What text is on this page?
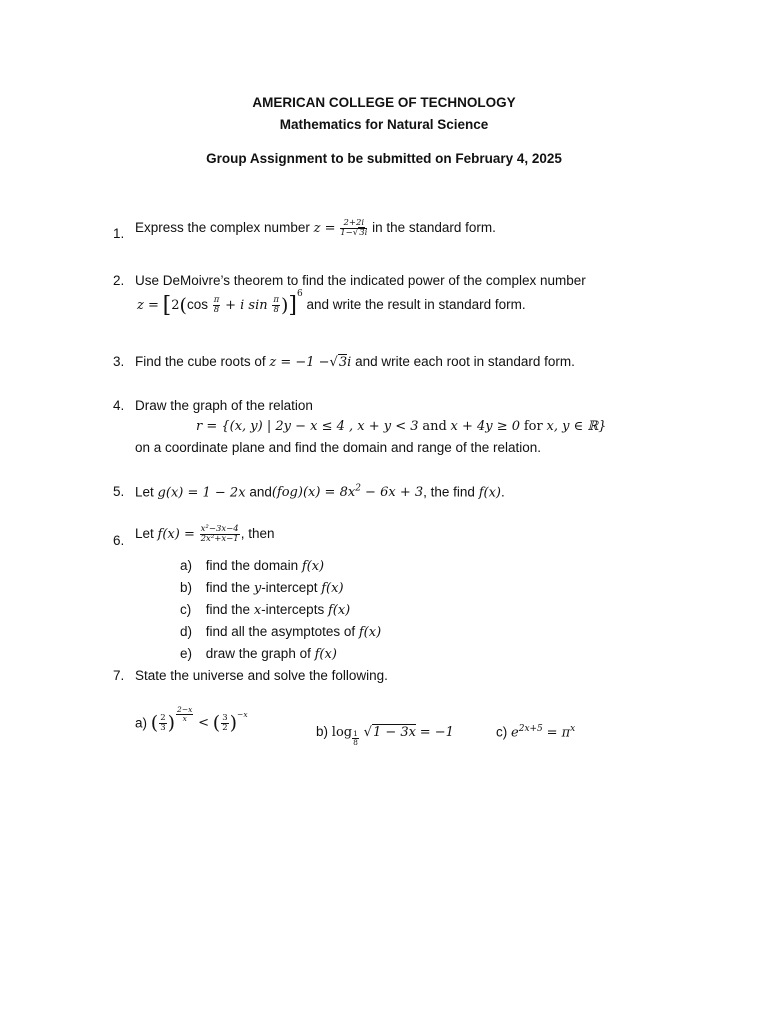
AMERICAN COLLEGE OF TECHNOLOGY
Mathematics for Natural Science
Group Assignment to be submitted on February 4, 2025
1. Express the complex number $z = \frac{2+2i}{1-√3i}$ in the standard form.
2. Use DeMoivre’s theorem to find the indicated power of the complex number
$z = [2(\cos \frac{\pi}{8} + i$ $\sin \frac{\pi}{8} )]^6$ and write the result in standard form.
3. Find the cube roots of z = −1 −√3i and write each root in standard form.
4. Draw the graph of the relation
r = {(x, y) | 2y − x ≤ 4 , x + y < 3 and x + 4y ≥ 0 for x, y ∈ ℝ}
on a coordinate plane and find the domain and range of the relation.
5. Let g(x) = 1 − 2x $and(fog)(x) = 8x^2 - 6x + 3$, the find f(x).
6. Let $f(x) = \frac{\text{x²−3x−4}}{\text{2x²+x−1}}$ , then
a) find the domain f(x)
b) find the y-intercept f(x)
c) find the x-intercepts f(x)
d) find all the asymptotes of f(x)
e) draw the graph of f(x)
7. State the universe and solve the following.
a) ( $\frac{2}{3}$ ) $\frac{2-x}{x}$
< ( $\frac{3}{2} )^{-x}$
b) $\log \frac{1}{8} √1 - 3x = -1$	c) $e^{2x+5} = \pi^x$
